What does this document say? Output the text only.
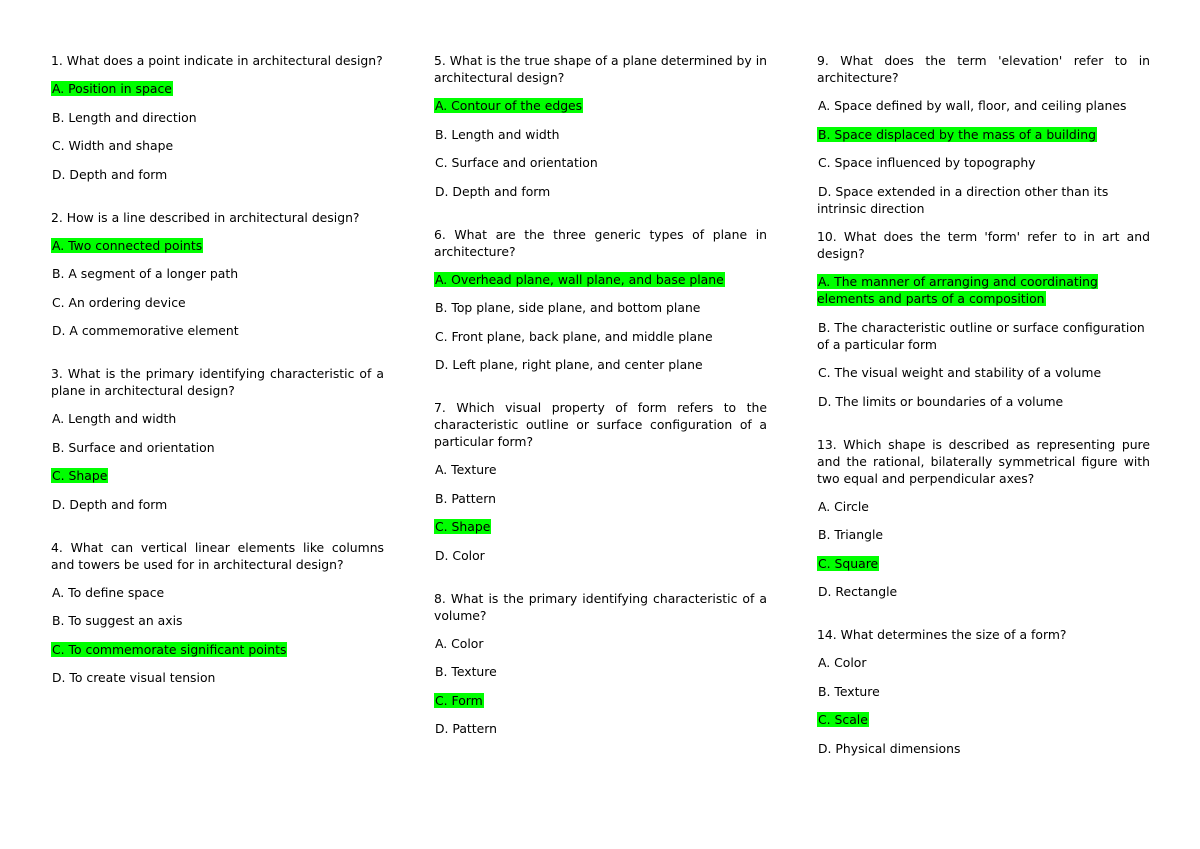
1. What does a point indicate in architectural design?
A. Position in space
B. Length and direction
C. Width and shape
D. Depth and form
2. How is a line described in architectural design?
A. Two connected points
B. A segment of a longer path
C. An ordering device
D. A commemorative element
3. What is the primary identifying characteristic of a plane in architectural design?
A. Length and width
B. Surface and orientation
C. Shape
D. Depth and form
4. What can vertical linear elements like columns and towers be used for in architectural design?
A. To define space
B. To suggest an axis
C. To commemorate significant points
D. To create visual tension
5. What is the true shape of a plane determined by in architectural design?
A. Contour of the edges
B. Length and width
C. Surface and orientation
D. Depth and form
6. What are the three generic types of plane in architecture?
A. Overhead plane, wall plane, and base plane
B. Top plane, side plane, and bottom plane
C. Front plane, back plane, and middle plane
D. Left plane, right plane, and center plane
7. Which visual property of form refers to the characteristic outline or surface configuration of a particular form?
A. Texture
B. Pattern
C. Shape
D. Color
8. What is the primary identifying characteristic of a volume?
A. Color
B. Texture
C. Form
D. Pattern
9. What does the term 'elevation' refer to in architecture?
A. Space defined by wall, floor, and ceiling planes
B. Space displaced by the mass of a building
C. Space influenced by topography
D. Space extended in a direction other than its intrinsic direction
10. What does the term 'form' refer to in art and design?
A. The manner of arranging and coordinating elements and parts of a composition
B. The characteristic outline or surface configuration of a particular form
C. The visual weight and stability of a volume
D. The limits or boundaries of a volume
13. Which shape is described as representing pure and the rational, bilaterally symmetrical figure with two equal and perpendicular axes?
A. Circle
B. Triangle
C. Square
D. Rectangle
14. What determines the size of a form?
A. Color
B. Texture
C. Scale
D. Physical dimensions
